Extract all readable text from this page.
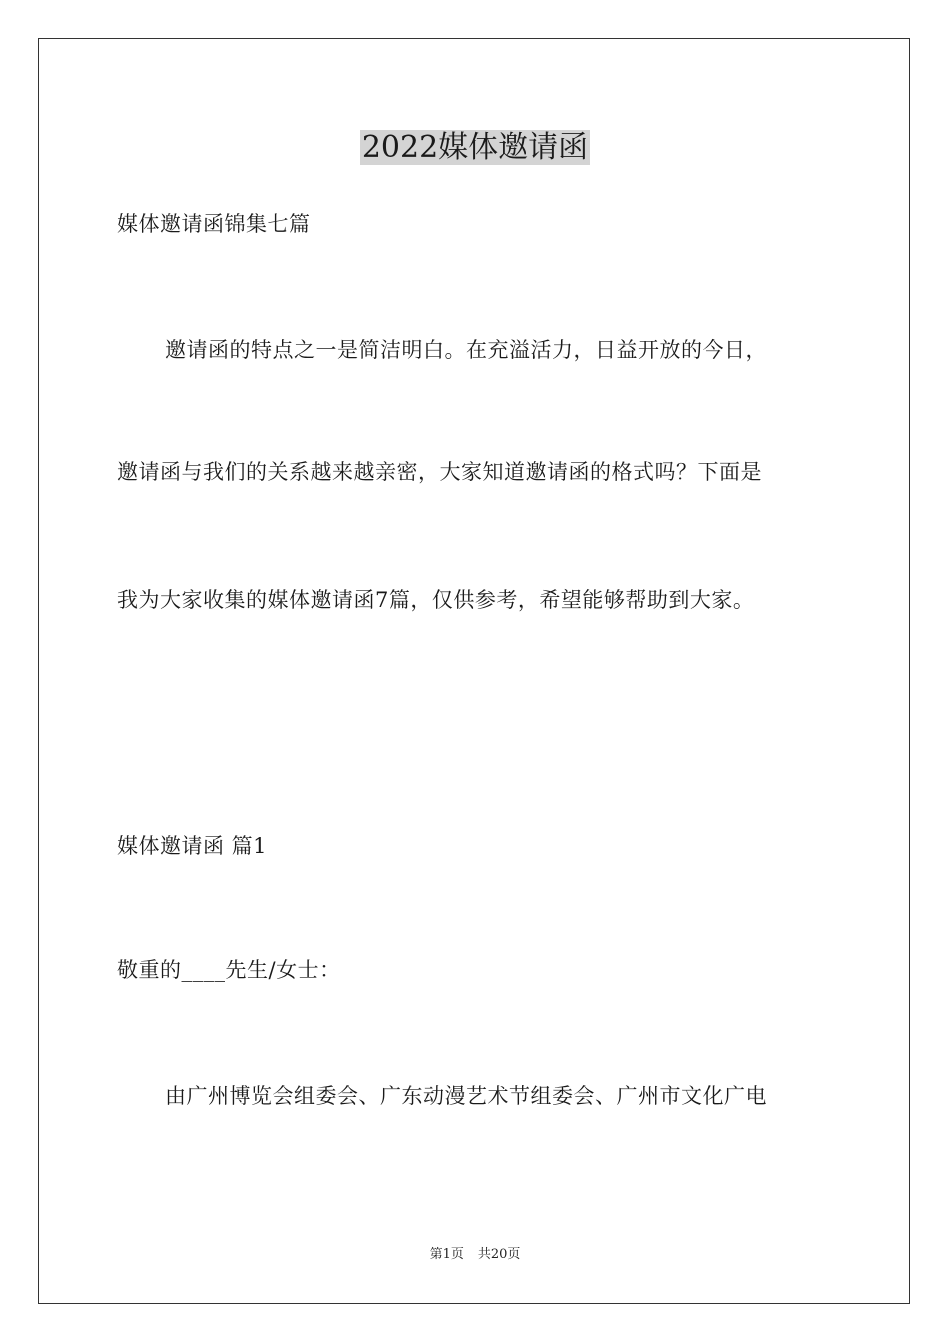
2022媒体邀请函
媒体邀请函锦集七篇
邀请函的特点之一是简洁明白。在充溢活力，日益开放的今日，
邀请函与我们的关系越来越亲密，大家知道邀请函的格式吗？下面是
我为大家收集的媒体邀请函7篇，仅供参考，希望能够帮助到大家。
媒体邀请函 篇1
敬重的____先生/女士：
由广州博览会组委会、广东动漫艺术节组委会、广州市文化广电
第1页 共20页
